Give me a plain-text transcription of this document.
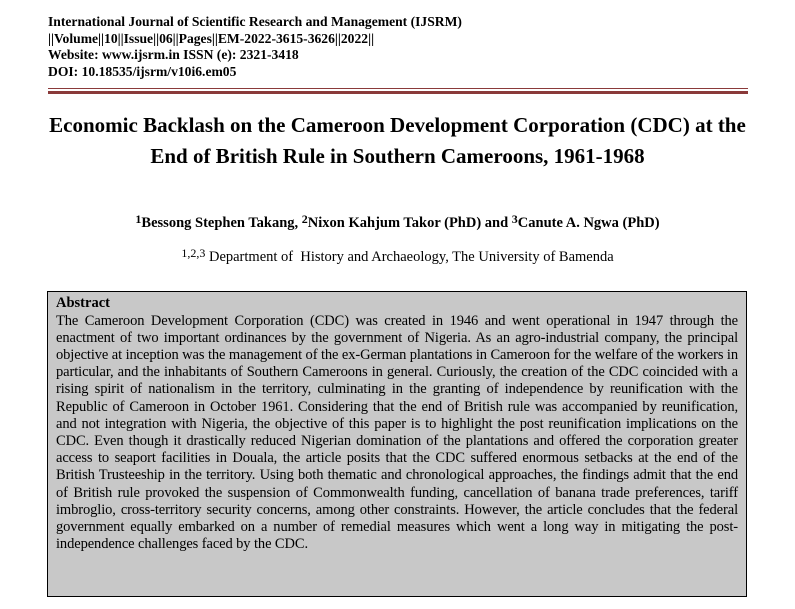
International Journal of Scientific Research and Management (IJSRM)
||Volume||10||Issue||06||Pages||EM-2022-3615-3626||2022||
Website: www.ijsrm.in ISSN (e): 2321-3418
DOI: 10.18535/ijsrm/v10i6.em05
Economic Backlash on the Cameroon Development Corporation (CDC) at the End of British Rule in Southern Cameroons, 1961-1968
$^1$Bessong Stephen Takang, $^2$Nixon Kahjum Takor (PhD) and $^3$Canute A. Ngwa (PhD)
$^{1,2,3}$ Department of  History and Archaeology, The University of Bamenda
Abstract
The Cameroon Development Corporation (CDC) was created in 1946 and went operational in 1947 through the enactment of two important ordinances by the government of Nigeria. As an agro-industrial company, the principal objective at inception was the management of the ex-German plantations in Cameroon for the welfare of the workers in particular, and the inhabitants of Southern Cameroons in general. Curiously, the creation of the CDC coincided with a rising spirit of nationalism in the territory, culminating in the granting of independence by reunification with the Republic of Cameroon in October 1961. Considering that the end of British rule was accompanied by reunification, and not integration with Nigeria, the objective of this paper is to highlight the post reunification implications on the CDC. Even though it drastically reduced Nigerian domination of the plantations and offered the corporation greater access to seaport facilities in Douala, the article posits that the CDC suffered enormous setbacks at the end of the British Trusteeship in the territory. Using both thematic and chronological approaches, the findings admit that the end of British rule provoked the suspension of Commonwealth funding, cancellation of banana trade preferences, tariff imbroglio, cross-territory security concerns, among other constraints. However, the article concludes that the federal government equally embarked on a number of remedial measures which went a long way in mitigating the post-independence challenges faced by the CDC.
